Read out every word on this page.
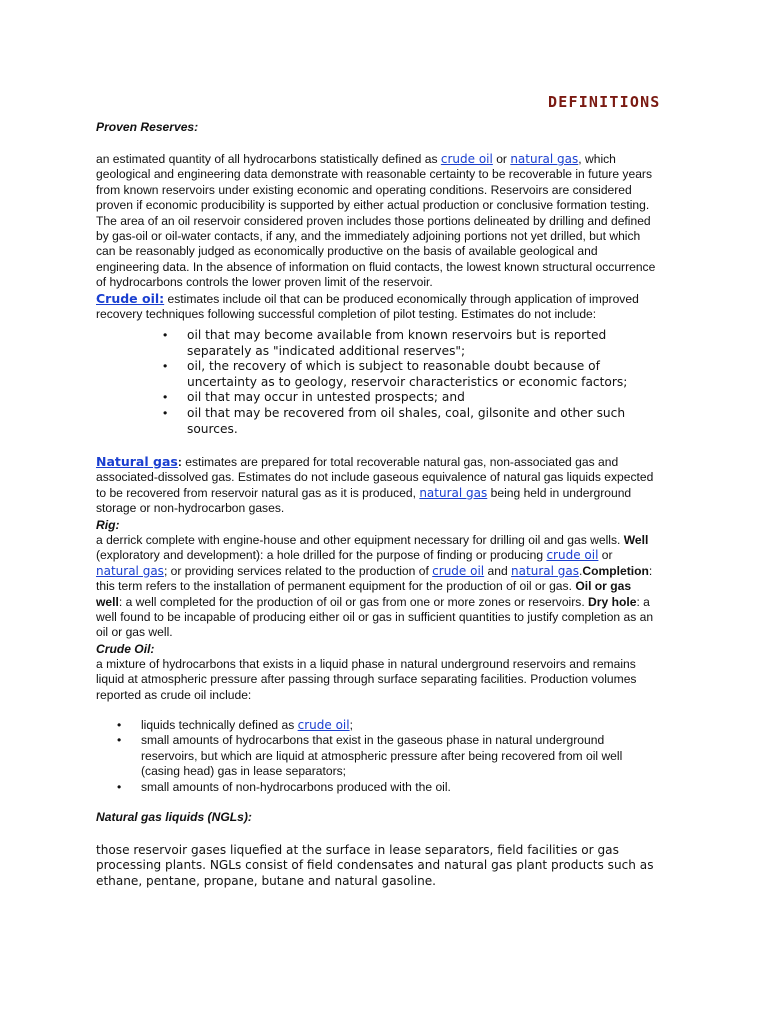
DEFINITIONS
Proven Reserves:

an estimated quantity of all hydrocarbons statistically defined as crude oil or natural gas, which geological and engineering data demonstrate with reasonable certainty to be recoverable in future years from known reservoirs under existing economic and operating conditions. Reservoirs are considered proven if economic producibility is supported by either actual production or conclusive formation testing. The area of an oil reservoir considered proven includes those portions delineated by drilling and defined by gas-oil or oil-water contacts, if any, and the immediately adjoining portions not yet drilled, but which can be reasonably judged as economically productive on the basis of available geological and engineering data. In the absence of information on fluid contacts, the lowest known structural occurrence of hydrocarbons controls the lower proven limit of the reservoir.

Crude oil: estimates include oil that can be produced economically through application of improved recovery techniques following successful completion of pilot testing. Estimates do not include:

• oil that may become available from known reservoirs but is reported separately as "indicated additional reserves";
• oil, the recovery of which is subject to reasonable doubt because of uncertainty as to geology, reservoir characteristics or economic factors;
• oil that may occur in untested prospects; and
• oil that may be recovered from oil shales, coal, gilsonite and other such sources.

Natural gas: estimates are prepared for total recoverable natural gas, non-associated gas and associated-dissolved gas. Estimates do not include gaseous equivalence of natural gas liquids expected to be recovered from reservoir natural gas as it is produced, natural gas being held in underground storage or non-hydrocarbon gases.

Rig:

a derrick complete with engine-house and other equipment necessary for drilling oil and gas wells. Well (exploratory and development): a hole drilled for the purpose of finding or producing crude oil or natural gas; or providing services related to the production of crude oil and natural gas.Completion: this term refers to the installation of permanent equipment for the production of oil or gas. Oil or gas well: a well completed for the production of oil or gas from one or more zones or reservoirs. Dry hole: a well found to be incapable of producing either oil or gas in sufficient quantities to justify completion as an oil or gas well.

Crude Oil:

a mixture of hydrocarbons that exists in a liquid phase in natural underground reservoirs and remains liquid at atmospheric pressure after passing through surface separating facilities. Production volumes reported as crude oil include:

• liquids technically defined as crude oil;
• small amounts of hydrocarbons that exist in the gaseous phase in natural underground reservoirs, but which are liquid at atmospheric pressure after being recovered from oil well (casing head) gas in lease separators;
• small amounts of non-hydrocarbons produced with the oil.
Natural gas liquids (NGLs):

those reservoir gases liquefied at the surface in lease separators, field facilities or gas processing plants. NGLs consist of field condensates and natural gas plant products such as ethane, pentane, propane, butane and natural gasoline.
